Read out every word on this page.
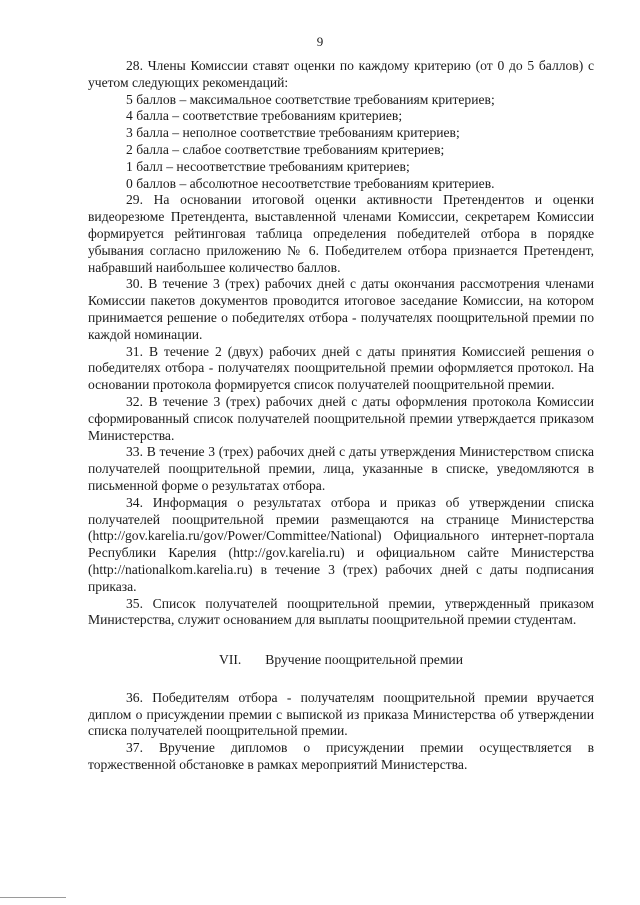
9

28. Члены Комиссии ставят оценки по каждому критерию (от 0 до 5 баллов) с учетом следующих рекомендаций:

5 баллов – максимальное соответствие требованиям критериев;

4 балла – соответствие требованиям критериев;

3 балла – неполное соответствие требованиям критериев;

2 балла – слабое соответствие требованиям критериев;

1 балл – несоответствие требованиям критериев;

0 баллов – абсолютное несоответствие требованиям критериев.

29. На основании итоговой оценки активности Претендентов и оценки видеорезюме Претендента, выставленной членами Комиссии, секретарем Комиссии формируется рейтинговая таблица определения победителей отбора в порядке убывания согласно приложению № 6. Победителем отбора признается Претендент, набравший наибольшее количество баллов.

30. В течение 3 (трех) рабочих дней с даты окончания рассмотрения членами Комиссии пакетов документов проводится итоговое заседание Комиссии, на котором принимается решение о победителях отбора - получателях поощрительной премии по каждой номинации.

31. В течение 2 (двух) рабочих дней с даты принятия Комиссией решения о победителях отбора - получателях поощрительной премии оформляется протокол. На основании протокола формируется список получателей поощрительной премии.

32. В течение 3 (трех) рабочих дней с даты оформления протокола Комиссии сформированный список получателей поощрительной премии утверждается приказом Министерства.

33. В течение 3 (трех) рабочих дней с даты утверждения Министерством списка получателей поощрительной премии, лица, указанные в списке, уведомляются в письменной форме о результатах отбора.

34. Информация о результатах отбора и приказ об утверждении списка получателей поощрительной премии размещаются на странице Министерства (http://gov.karelia.ru/gov/Power/Committee/National) Официального интернет-портала Республики Карелия (http://gov.karelia.ru) и официальном сайте Министерства (http://nationalkom.karelia.ru) в течение 3 (трех) рабочих дней с даты подписания приказа.

35. Список получателей поощрительной премии, утвержденный приказом Министерства, служит основанием для выплаты поощрительной премии студентам.

VII. Вручение поощрительной премии

36. Победителям отбора - получателям поощрительной премии вручается диплом о присуждении премии с выпиской из приказа Министерства об утверждении списка получателей поощрительной премии.

37. Вручение дипломов о присуждении премии осуществляется в торжественной обстановке в рамках мероприятий Министерства.
